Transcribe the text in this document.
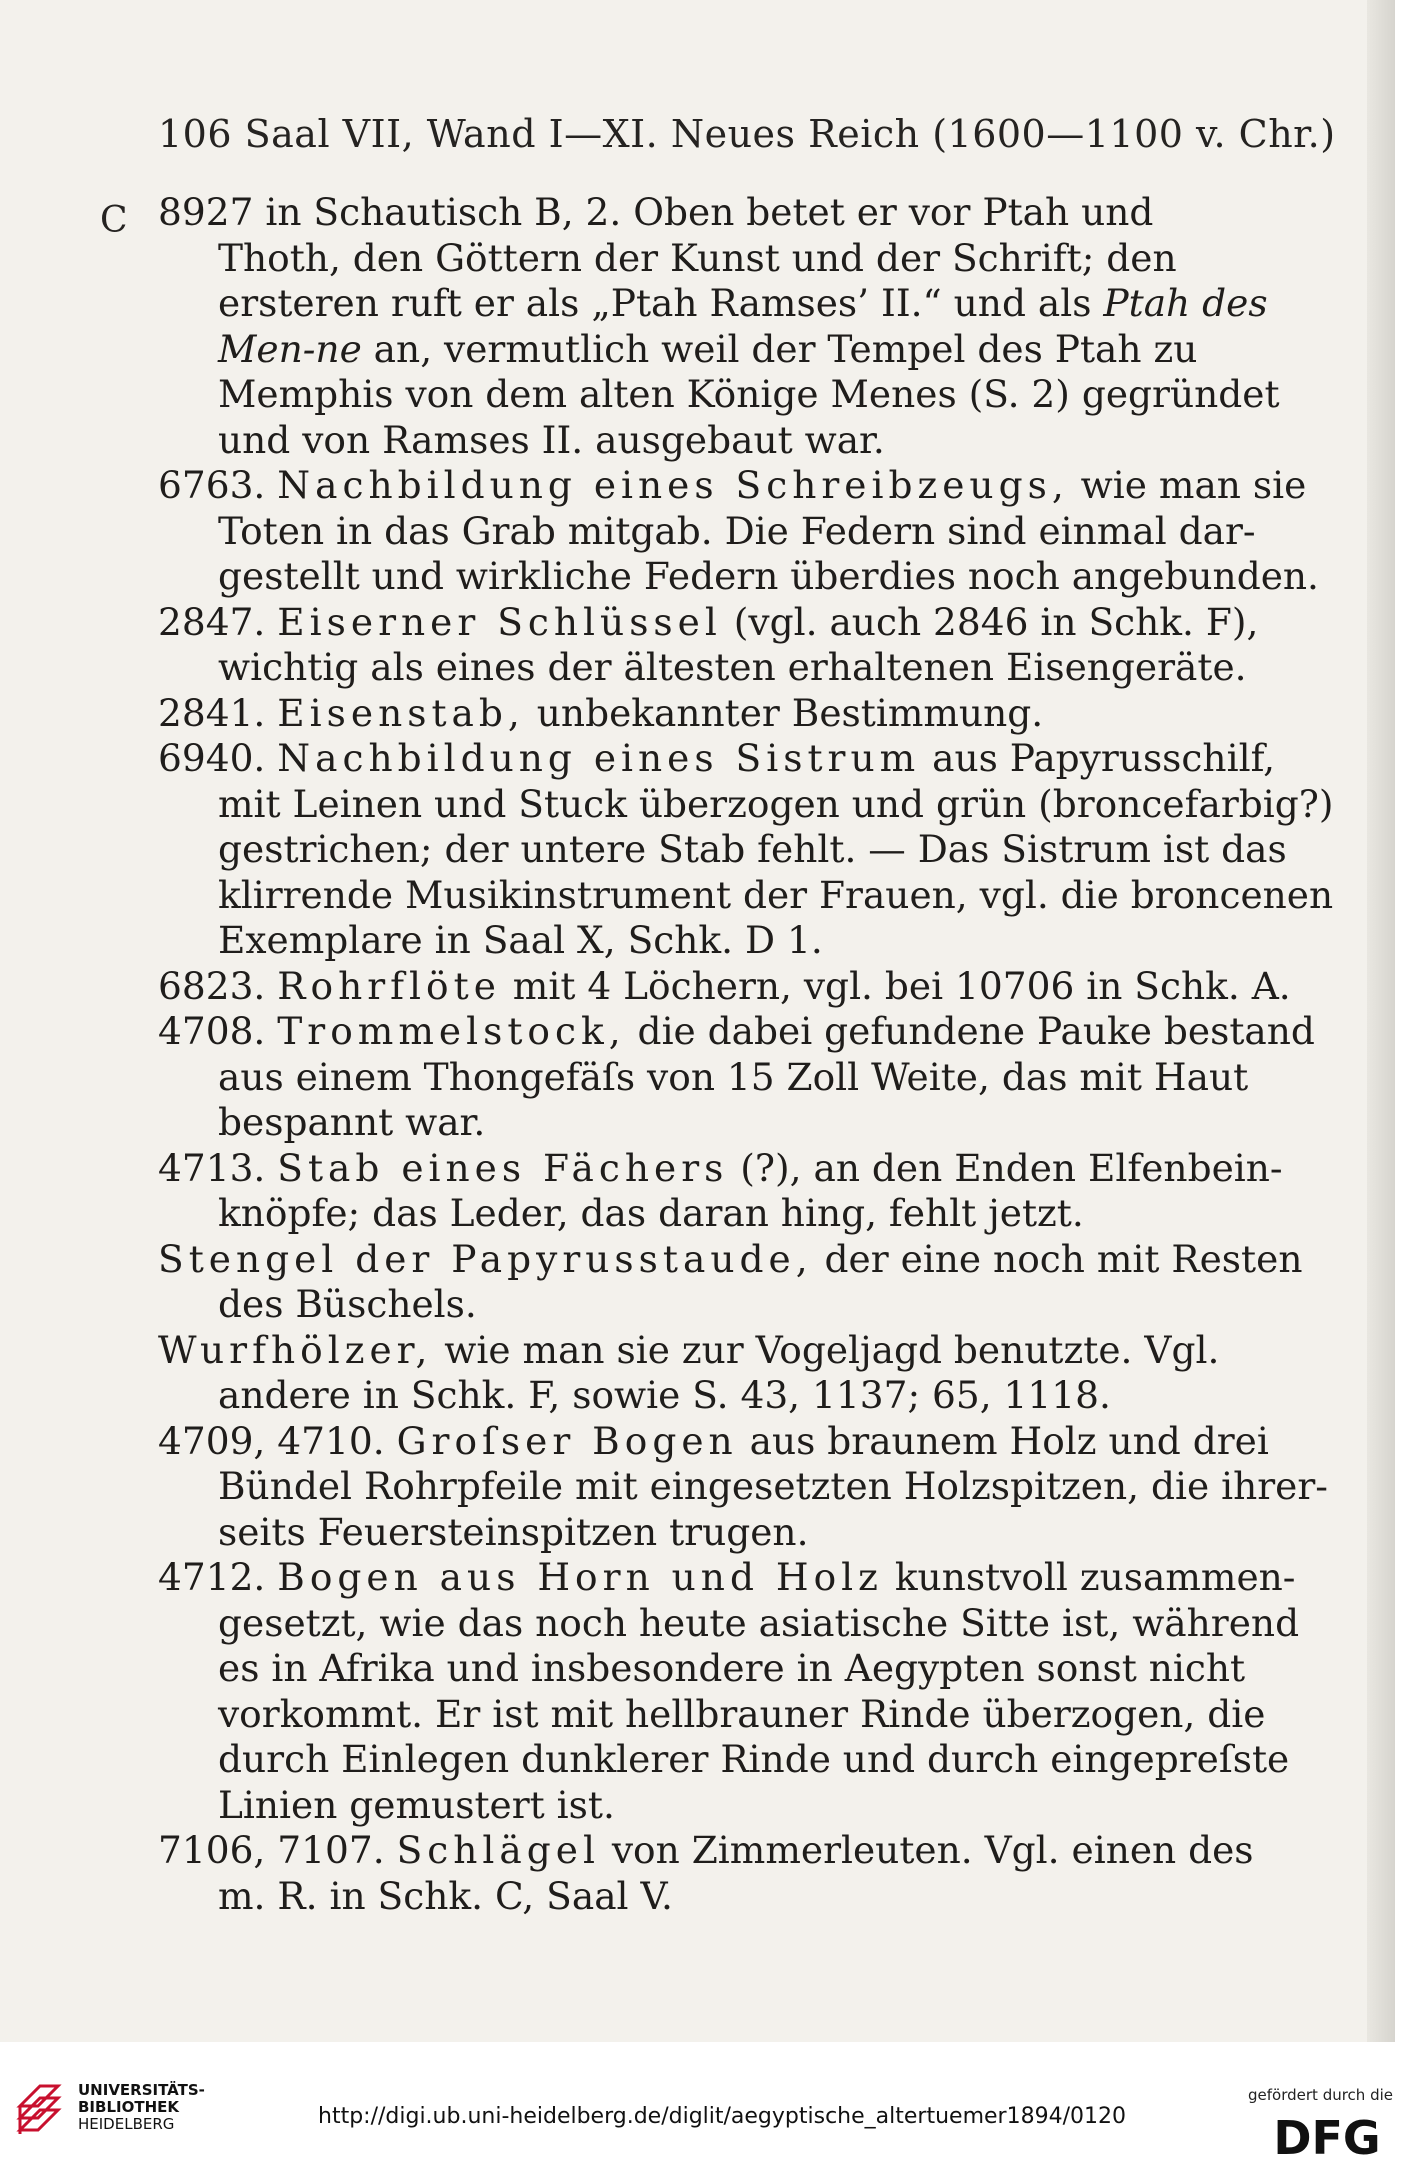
106 Saal VII, Wand I—XI. Neues Reich (1600—1100 v. Chr.)
C 8927 in Schautisch B, 2. Oben betet er vor Ptah und
Thoth, den Göttern der Kunst und der Schrift; den
ersteren ruft er als „Ptah Ramses’ II.“ und als Ptah des
Men-ne an, vermutlich weil der Tempel des Ptah zu
Memphis von dem alten Könige Menes (S. 2) gegründet
und von Ramses II. ausgebaut war.
6763. Nachbildung eines Schreibzeugs, wie man sie
Toten in das Grab mitgab. Die Federn sind einmal dar-
gestellt und wirkliche Federn überdies noch angebunden.
2847. Eiserner Schlüssel (vgl. auch 2846 in Schk. F),
wichtig als eines der ältesten erhaltenen Eisengeräte.
2841. Eisenstab, unbekannter Bestimmung.
6940. Nachbildung eines Sistrum aus Papyrusschilf,
mit Leinen und Stuck überzogen und grün (broncefarbig?)
gestrichen; der untere Stab fehlt. — Das Sistrum ist das
klirrende Musikinstrument der Frauen, vgl. die broncenen
Exemplare in Saal X, Schk. D 1.
6823. Rohrflöte mit 4 Löchern, vgl. bei 10706 in Schk. A.
4708. Trommelstock, die dabei gefundene Pauke bestand
aus einem Thongefäſs von 15 Zoll Weite, das mit Haut
bespannt war.
4713. Stab eines Fächers (?), an den Enden Elfenbein-
knöpfe; das Leder, das daran hing, fehlt jetzt.
Stengel der Papyrusstaude, der eine noch mit Resten
des Büschels.
Wurfhölzer, wie man sie zur Vogeljagd benutzte. Vgl.
andere in Schk. F, sowie S. 43, 1137; 65, 1118.
4709, 4710. Groſser Bogen aus braunem Holz und drei
Bündel Rohrpfeile mit eingesetzten Holzspitzen, die ihrer-
seits Feuersteinspitzen trugen.
4712. Bogen aus Horn und Holz kunstvoll zusammen-
gesetzt, wie das noch heute asiatische Sitte ist, während
es in Afrika und insbesondere in Aegypten sonst nicht
vorkommt. Er ist mit hellbrauner Rinde überzogen, die
durch Einlegen dunklerer Rinde und durch eingepreſste
Linien gemustert ist.
7106, 7107. Schlägel von Zimmerleuten. Vgl. einen des
m. R. in Schk. C, Saal V.
UNIVERSITÄTS-
BIBLIOTHEK
HEIDELBERG	http://digi.ub.uni-heidelberg.de/diglit/aegyptische_altertuemer1894/0120
gefördert durch die
DFG
